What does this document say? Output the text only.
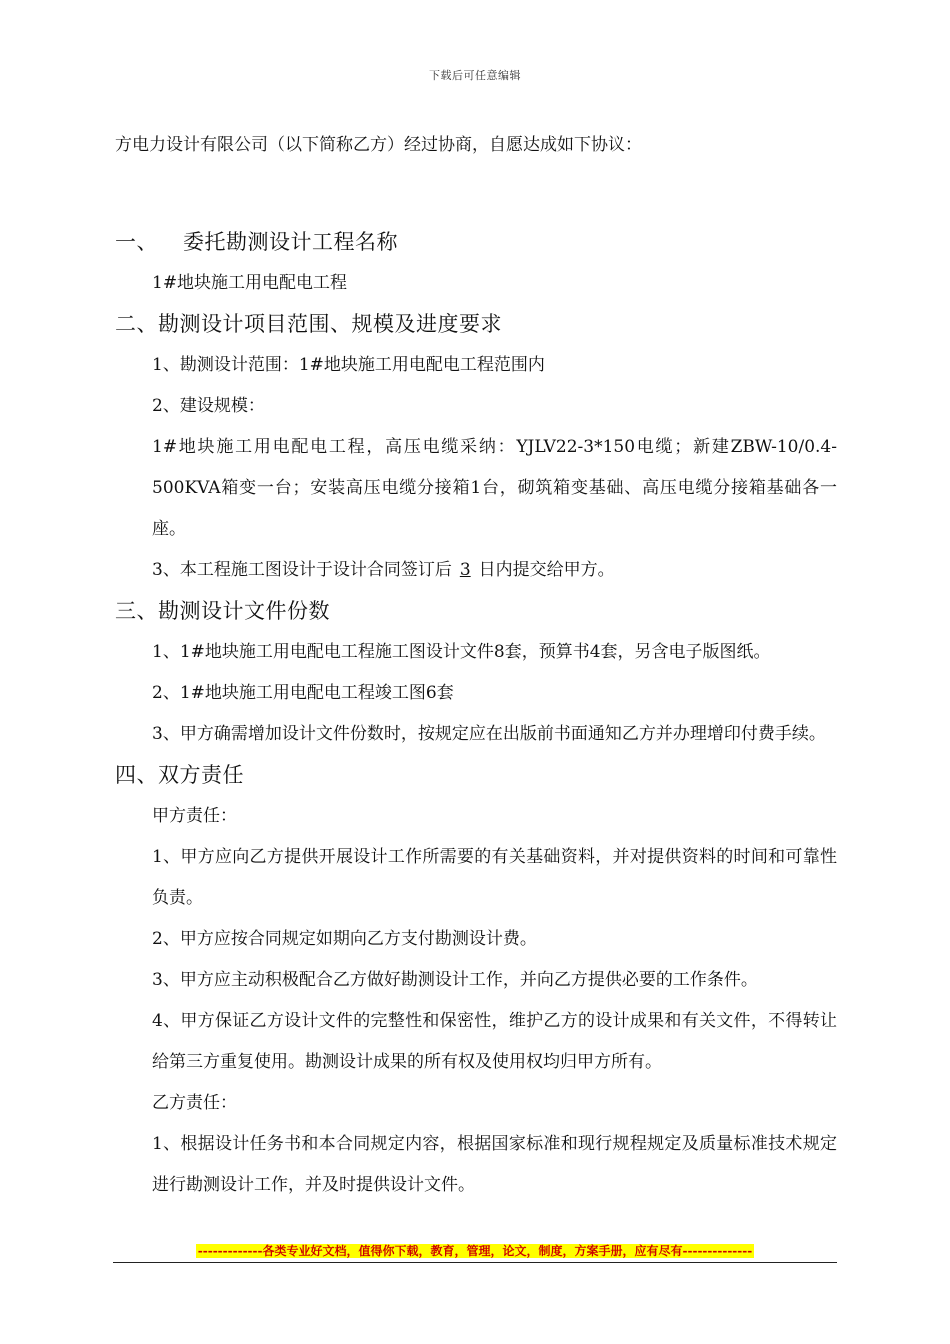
下载后可任意编辑

方电力设计有限公司（以下简称乙方）经过协商，自愿达成如下协议：

一、 委托勘测设计工程名称

1#地块施工用电配电工程

二、勘测设计项目范围、规模及进度要求

1、勘测设计范围：1#地块施工用电配电工程范围内

2、建设规模：

1#地块施工用电配电工程，高压电缆采纳：YJLV22-3*150电缆；新建ZBW-10/0.4-500KVA箱变一台；安装高压电缆分接箱1台，砌筑箱变基础、高压电缆分接箱基础各一座。

3、本工程施工图设计于设计合同签订后 3 日内提交给甲方。

三、勘测设计文件份数

1、1#地块施工用电配电工程施工图设计文件8套，预算书4套，另含电子版图纸。

2、1#地块施工用电配电工程竣工图6套

3、甲方确需增加设计文件份数时，按规定应在出版前书面通知乙方并办理增印付费手续。

四、双方责任

甲方责任：

1、甲方应向乙方提供开展设计工作所需要的有关基础资料，并对提供资料的时间和可靠性负责。

2、甲方应按合同规定如期向乙方支付勘测设计费。

3、甲方应主动积极配合乙方做好勘测设计工作，并向乙方提供必要的工作条件。

4、甲方保证乙方设计文件的完整性和保密性，维护乙方的设计成果和有关文件，不得转让给第三方重复使用。勘测设计成果的所有权及使用权均归甲方所有。

乙方责任：

1、根据设计任务书和本合同规定内容，根据国家标准和现行规程规定及质量标准技术规定进行勘测设计工作，并及时提供设计文件。

-------------各类专业好文档，值得你下载，教育，管理，论文，制度，方案手册，应有尽有--------------
